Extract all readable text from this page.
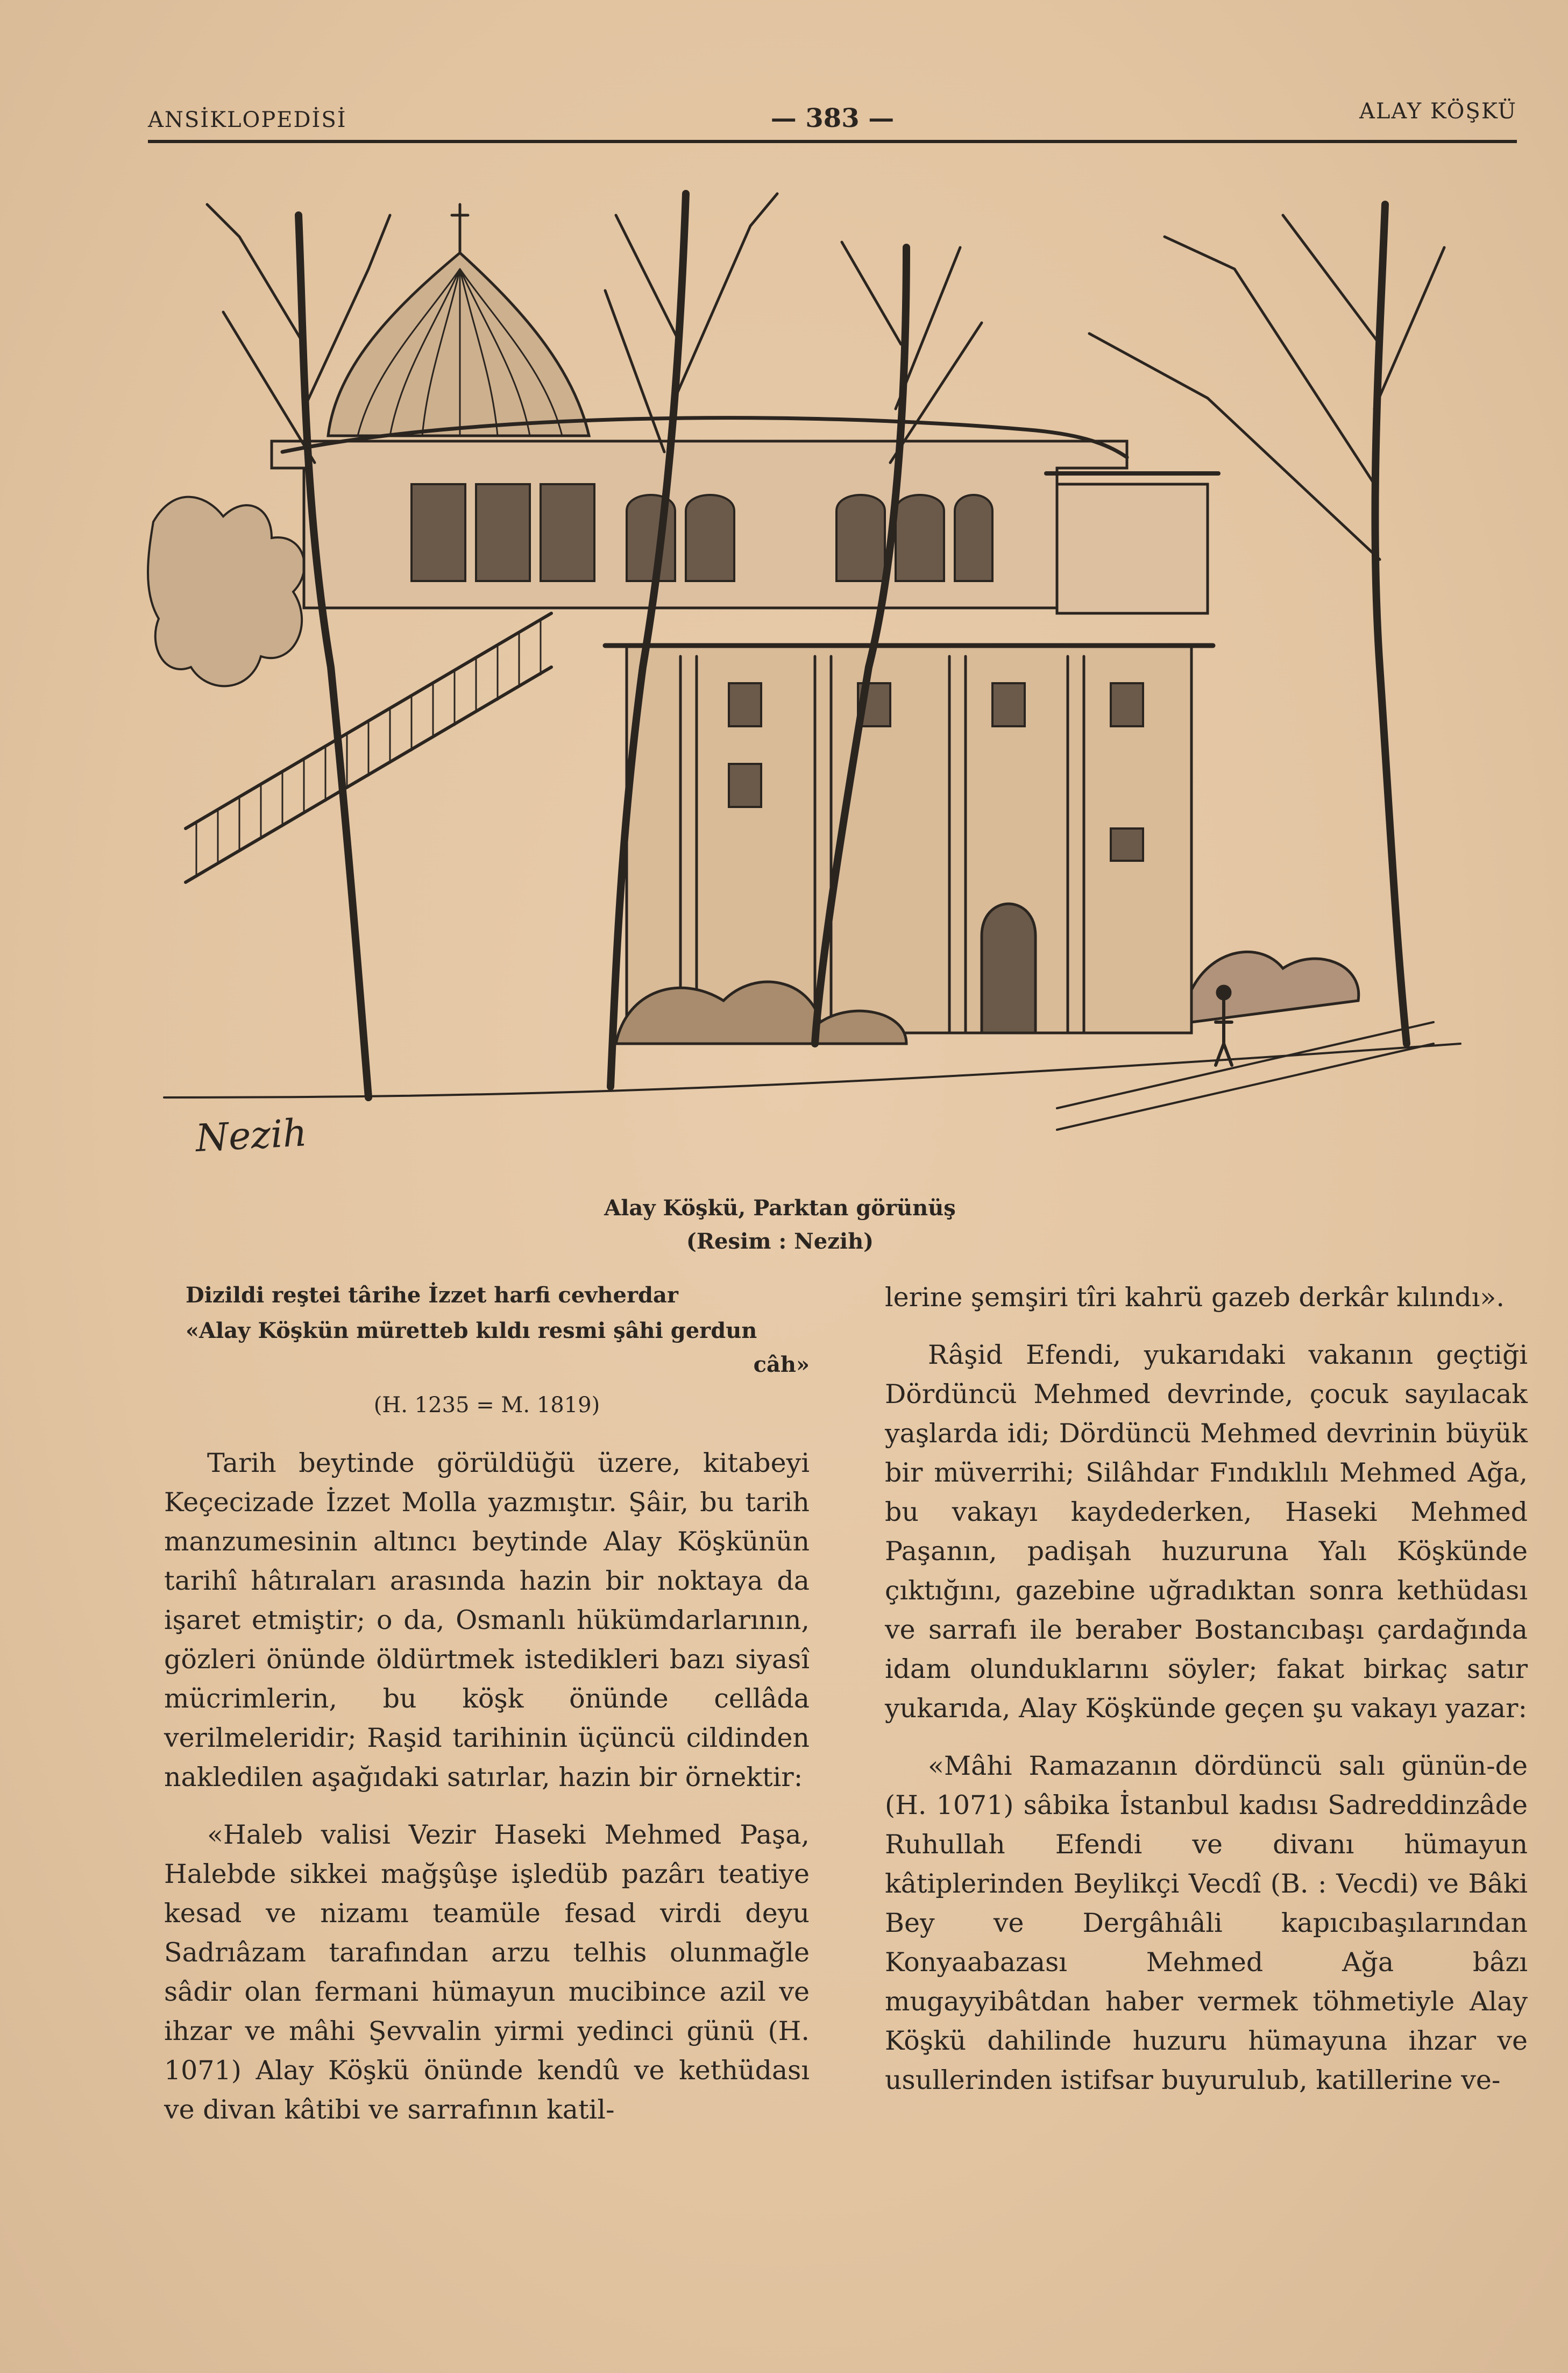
ANSİKLOPEDİSİ	— 383 —	ALAY KÖŞKÜ
Nezih
Alay Köşkü, Parktan görünüş
(Resim : Nezih)

Dizildi reştei târihe İzzet harfi cevherdar

«Alay Köşkün müretteb kıldı resmi şâhi gerdun

câh»

(H. 1235 = M. 1819)

Tarih beytinde görüldüğü üzere, kitabeyi Keçecizade İzzet Molla yazmıştır. Şâir, bu tarih manzumesinin altıncı beytinde Alay Köşkünün tarihî hâtıraları arasında hazin bir noktaya da işaret etmiştir; o da, Osmanlı hükümdarlarının, gözleri önünde öldürtmek istedikleri bazı siyasî mücrimlerin, bu köşk önünde cellâda verilmeleridir; Raşid tarihinin üçüncü cildinden nakledilen aşağıdaki satırlar, hazin bir örnektir:

«Haleb valisi Vezir Haseki Mehmed Paşa, Halebde sikkei mağşûşe işledüb pazârı teatiye kesad ve nizamı teamüle fesad virdi deyu Sadrıâzam tarafından arzu telhis olunmağle sâdir olan fermani hümayun mucibince azil ve ihzar ve mâhi Şevvalin yirmi yedinci günü (H. 1071) Alay Köşkü önünde kendû ve kethüdası ve divan kâtibi ve sarrafının katil-

lerine şemşiri tîri kahrü gazeb derkâr kılındı».

Râşid Efendi, yukarıdaki vakanın geçtiği Dördüncü Mehmed devrinde, çocuk sayılacak yaşlarda idi; Dördüncü Mehmed devrinin büyük bir müverrihi; Silâhdar Fındıklılı Mehmed Ağa, bu vakayı kaydederken, Haseki Mehmed Paşanın, padişah huzuruna Yalı Köşkünde çıktığını, gazebine uğradıktan sonra kethüdası ve sarrafı ile beraber Bostancıbaşı çardağında idam olunduklarını söyler; fakat birkaç satır yukarıda, Alay Köşkünde geçen şu vakayı yazar:

«Mâhi Ramazanın dördüncü salı günün-de (H. 1071) sâbika İstanbul kadısı Sadreddinzâde Ruhullah Efendi ve divanı hümayun kâtiplerinden Beylikçi Vecdî (B. : Vecdi) ve Bâki Bey ve Dergâhıâli kapıcıbaşılarından Konyaabazası Mehmed Ağa bâzı mugayyibâtdan haber vermek töhmetiyle Alay Köşkü dahilinde huzuru hümayuna ihzar ve usullerinden istifsar buyurulub, katillerine ve-
